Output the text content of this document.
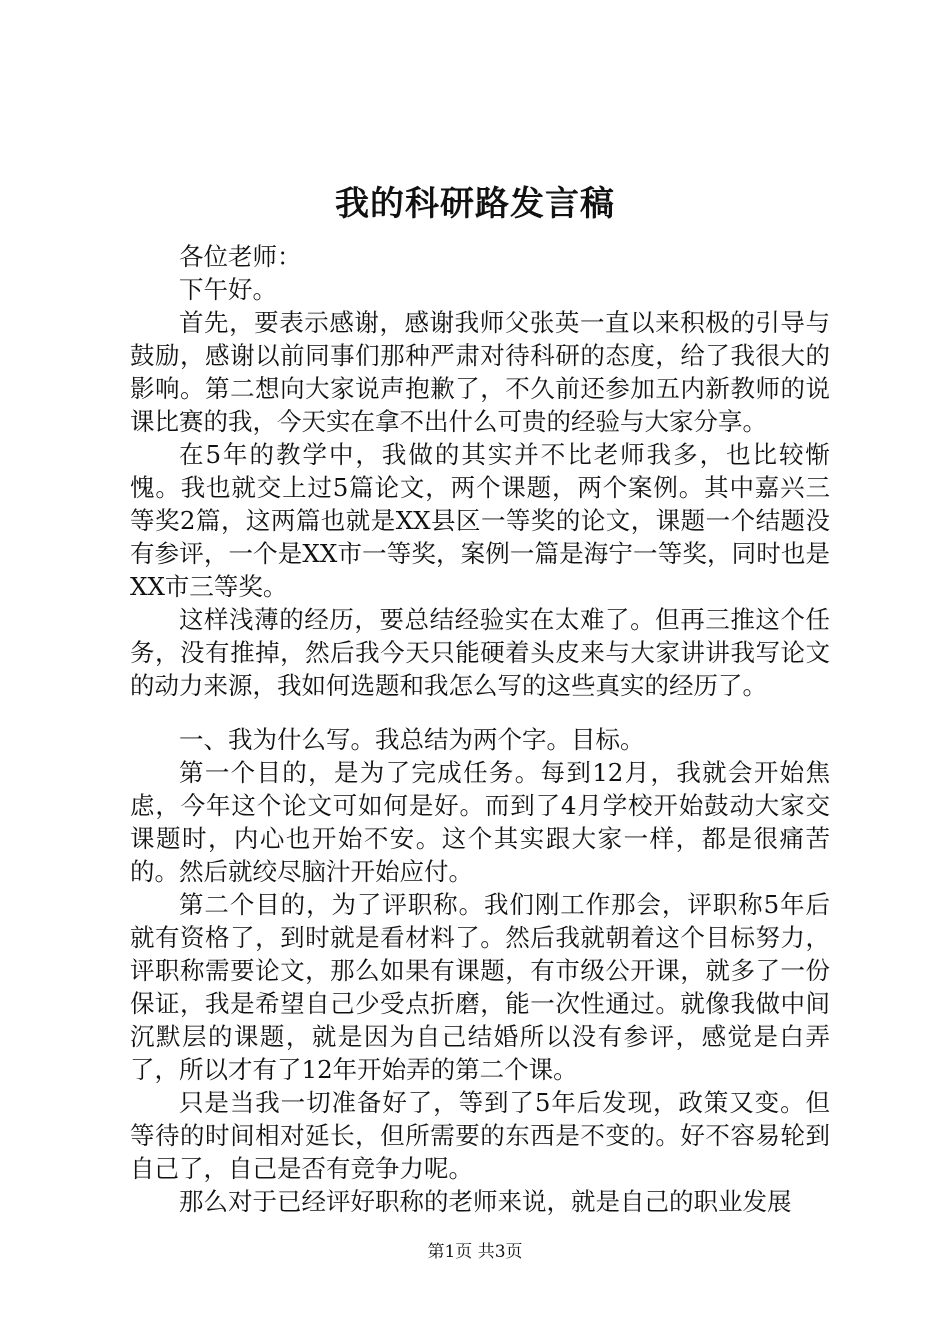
我的科研路发言稿

各位老师：

下午好。

首先，要表示感谢，感谢我师父张英一直以来积极的引导与鼓励，感谢以前同事们那种严肃对待科研的态度，给了我很大的影响。第二想向大家说声抱歉了，不久前还参加五内新教师的说课比赛的我，今天实在拿不出什么可贵的经验与大家分享。

在5年的教学中，我做的其实并不比老师我多，也比较惭愧。我也就交上过5篇论文，两个课题，两个案例。其中嘉兴三等奖2篇，这两篇也就是XX县区一等奖的论文，课题一个结题没有参评，一个是XX市一等奖，案例一篇是海宁一等奖，同时也是XX市三等奖。

这样浅薄的经历，要总结经验实在太难了。但再三推这个任务，没有推掉，然后我今天只能硬着头皮来与大家讲讲我写论文的动力来源，我如何选题和我怎么写的这些真实的经历了。

一、我为什么写。我总结为两个字。目标。

第一个目的，是为了完成任务。每到12月，我就会开始焦虑，今年这个论文可如何是好。而到了4月学校开始鼓动大家交课题时，内心也开始不安。这个其实跟大家一样，都是很痛苦的。然后就绞尽脑汁开始应付。

第二个目的，为了评职称。我们刚工作那会，评职称5年后就有资格了，到时就是看材料了。然后我就朝着这个目标努力，评职称需要论文，那么如果有课题，有市级公开课，就多了一份保证，我是希望自己少受点折磨，能一次性通过。就像我做中间沉默层的课题，就是因为自己结婚所以没有参评，感觉是白弄了，所以才有了12年开始弄的第二个课。

只是当我一切准备好了，等到了5年后发现，政策又变。但等待的时间相对延长，但所需要的东西是不变的。好不容易轮到自己了，自己是否有竞争力呢。

那么对于已经评好职称的老师来说，就是自己的职业发展

第1页 共3页
